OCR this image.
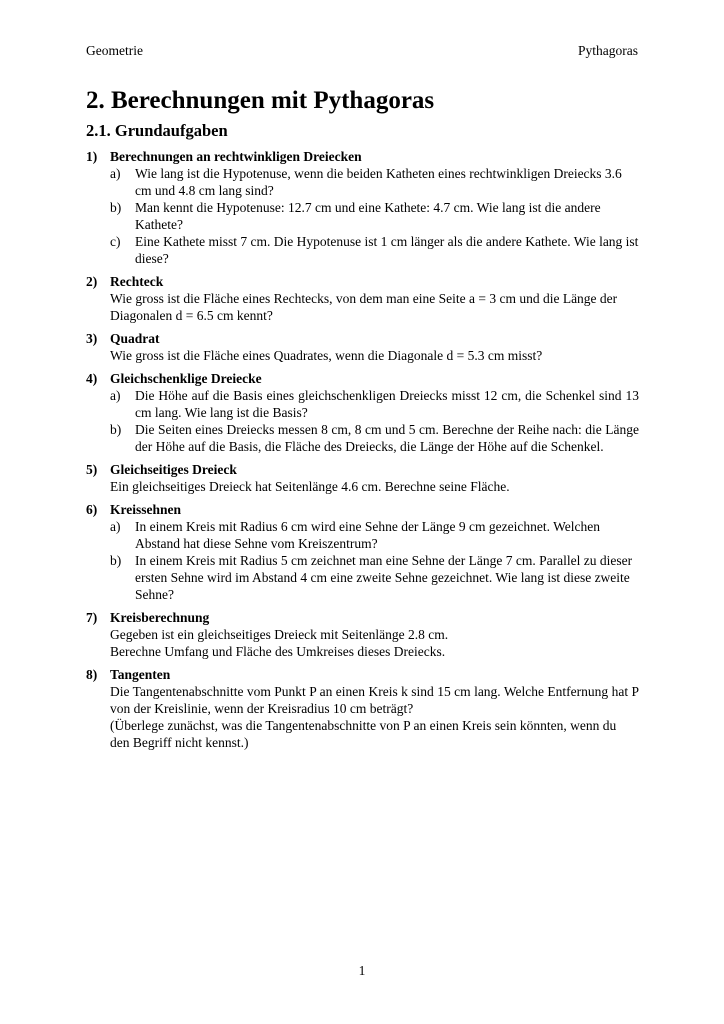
Geometrie	Pythagoras
2. Berechnungen mit Pythagoras
2.1. Grundaufgaben
1) Berechnungen an rechtwinkligen Dreiecken
a) Wie lang ist die Hypotenuse, wenn die beiden Katheten eines rechtwinkligen Dreiecks 3.6 cm und 4.8 cm lang sind?
b) Man kennt die Hypotenuse: 12.7 cm und eine Kathete: 4.7 cm. Wie lang ist die andere Kathete?
c) Eine Kathete misst 7 cm. Die Hypotenuse ist 1 cm länger als die andere Kathete. Wie lang ist diese?
2) Rechteck
Wie gross ist die Fläche eines Rechtecks, von dem man eine Seite a = 3 cm und die Länge der Diagonalen d = 6.5 cm kennt?
3) Quadrat
Wie gross ist die Fläche eines Quadrates, wenn die Diagonale d = 5.3 cm misst?
4) Gleichschenklige Dreiecke
a) Die Höhe auf die Basis eines gleichschenkligen Dreiecks misst 12 cm, die Schenkel sind 13 cm lang. Wie lang ist die Basis?
b) Die Seiten eines Dreiecks messen 8 cm, 8 cm und 5 cm. Berechne der Reihe nach: die Länge der Höhe auf die Basis, die Fläche des Dreiecks, die Länge der Höhe auf die Schenkel.
5) Gleichseitiges Dreieck
Ein gleichseitiges Dreieck hat Seitenlänge 4.6 cm. Berechne seine Fläche.
6) Kreissehnen
a) In einem Kreis mit Radius 6 cm wird eine Sehne der Länge 9 cm gezeichnet. Welchen Abstand hat diese Sehne vom Kreiszentrum?
b) In einem Kreis mit Radius 5 cm zeichnet man eine Sehne der Länge 7 cm. Parallel zu dieser ersten Sehne wird im Abstand 4 cm eine zweite Sehne gezeichnet. Wie lang ist diese zweite Sehne?
7) Kreisberechnung
Gegeben ist ein gleichseitiges Dreieck mit Seitenlänge 2.8 cm.
Berechne Umfang und Fläche des Umkreises dieses Dreiecks.
8) Tangenten
Die Tangentenabschnitte vom Punkt P an einen Kreis k sind 15 cm lang. Welche Entfernung hat P von der Kreislinie, wenn der Kreisradius 10 cm beträgt?
(Überlege zunächst, was die Tangentenabschnitte von P an einen Kreis sein könnten, wenn du den Begriff nicht kennst.)
1
